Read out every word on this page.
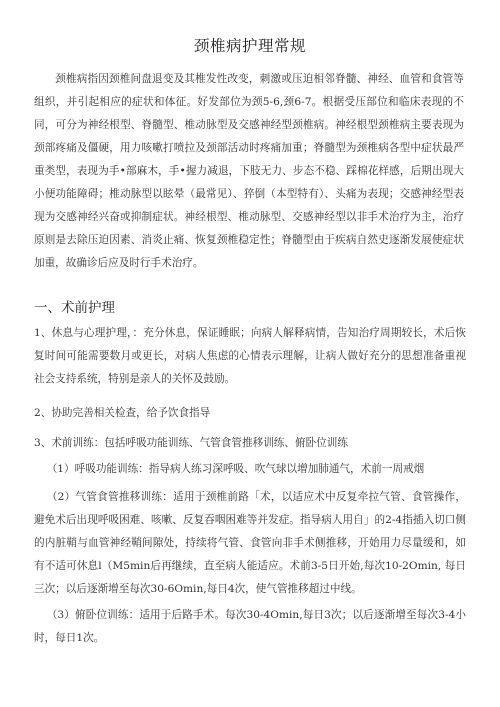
颈椎病护理常规

颈椎病指因颈椎间盘退变及其椎发性改变，刺激或压迫相邻脊髓、神经、血管和食管等组织，并引起相应的症状和体征。好发部位为颈5-6,颈6-7。根据受压部位和临床表现的不同，可分为神经根型、脊髓型、椎动脉型及交感神经型颈椎病。神经根型颈椎病主要表现为颈部疼痛及僵硬，用力咳嗽打喷拉及颈部活动时疼痛加重；脊髓型为颈椎病各型中症状最严重类型，表现为手•部麻木，手•握力减退，下肢无力、步态不稳、踩棉花样感，后期出现大小便功能障碍；椎动脉型以眩晕（最常见）、猝倒（本型特有）、头痛为表现；交感神经型表现为交感神经兴奋或抑制症状。神经根型、椎动脉型、交感神经型以非手术治疗为主，治疗原则是去除压迫因素、消炎止痛、恢复颈椎稳定性；脊髓型由于疾病自然史逐渐发展使症状加重，故确诊后应及时行手术治疗。

一、术前护理

1、休息与心理护理，：充分休息，保证睡眠；向病人解释病情，告知治疗周期较长，术后恢复时间可能需要数月或更长，对病人焦虑的心情表示理解，让病人做好充分的思想准备重视社会支持系统，特别是亲人的关怀及鼓励。

2、协助完善相关检查，给予饮食指导

3、术前训练：包括呼吸功能训练、气管食管推移训练、俯卧位训练

（1）呼吸功能训练：指导病人练习深呼吸、吹气球以增加肺通气，术前一周戒烟

（2）气管食管推移训练：适用于颈椎前路「术，以适应术中反复牵拉气管、食管操作，避免术后出现呼吸困难、咳嗽、反复吞咽困难等并发症。指导病人用自」的2-4指插入切口侧的内脏鞘与血管神经鞘间隙处，持续将气管、食管向非手术侧推移，开始用力尽量缓和，如有不适可休息l（M5min后再继续，直至病人能适应。术前3-5日开始,每次10-2Omin, 每日三次；以后逐渐增至每次30-6Omin,每日4次，使气管推移超过中线。

（3）俯卧位训练：适用于后路手术。每次30-4Omin,每日3次；以后逐渐增至每次3-4小时，每日1次。
